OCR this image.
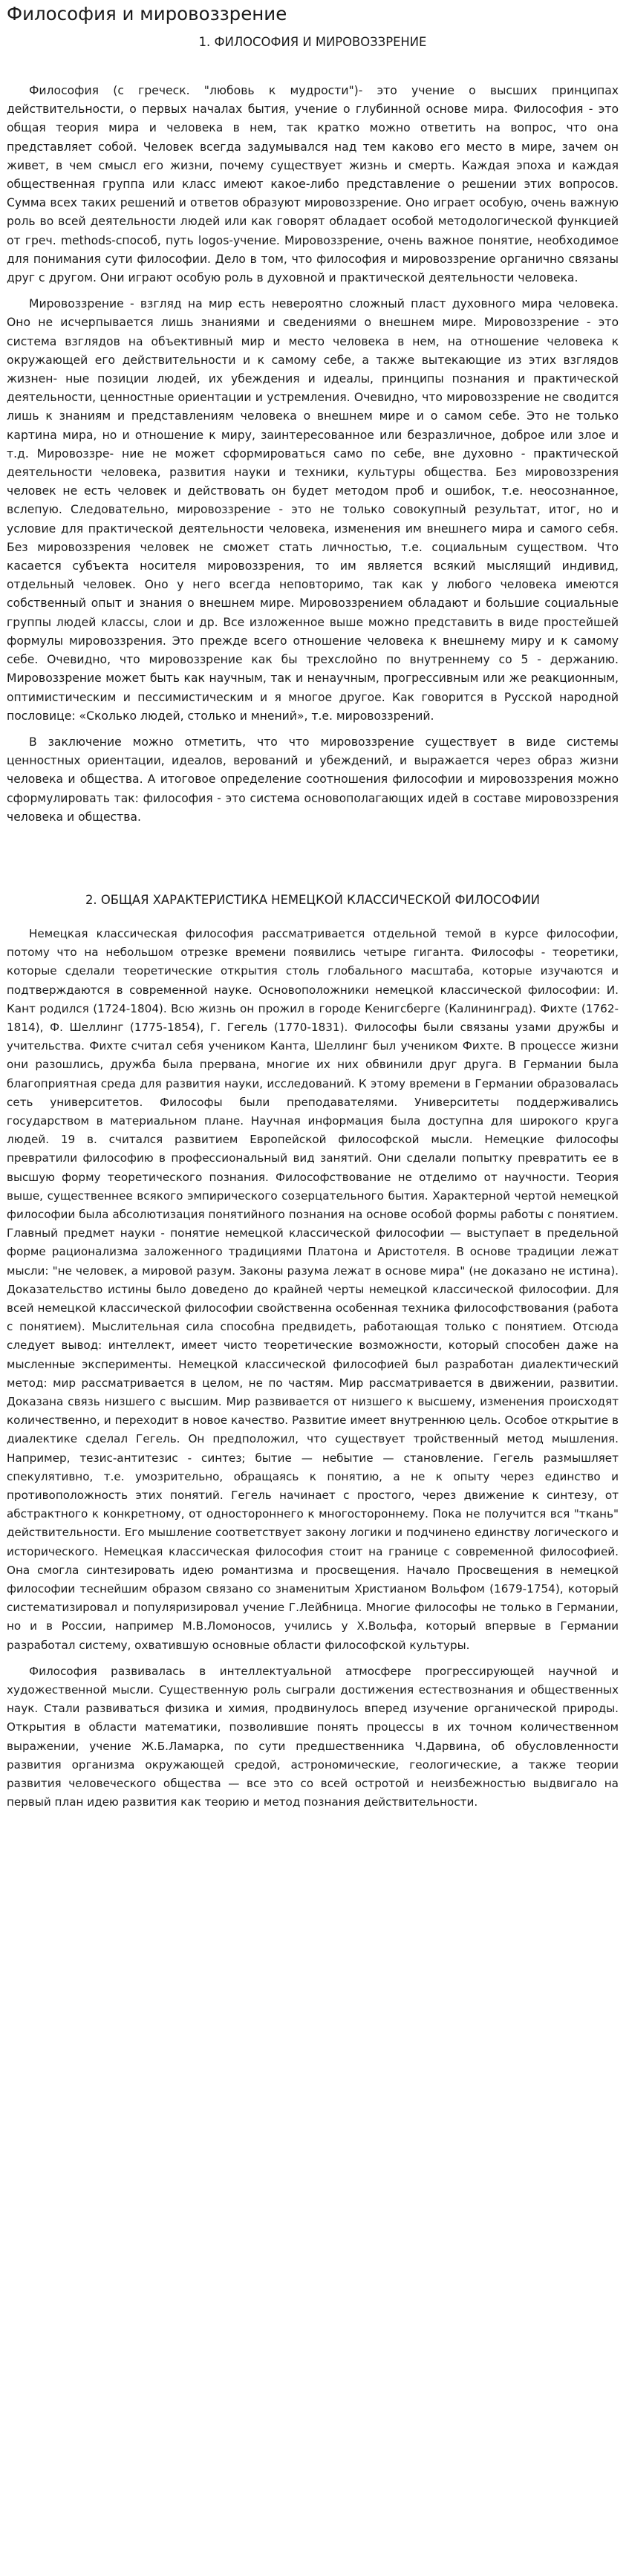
Философия и мировоззрение
1. ФИЛОСОФИЯ И МИРОВОЗЗРЕНИЕ

Философия (с греческ. "любовь к мудрости")- это учение о высших принципах действительности, о первых началах бытия, учение о глубинной основе мира. Философия - это общая теория мира и человека в нем, так кратко можно ответить на вопрос, что она представляет собой. Человек всегда задумывался над тем каково его место в мире, зачем он живет, в чем смысл его жизни, почему существует жизнь и смерть. Каждая эпоха и каждая общественная группа или класс имеют какое-либо представление о решении этих вопросов. Сумма всех таких решений и ответов образуют мировоззрение. Оно играет особую, очень важную роль во всей деятельности людей или как говорят обладает особой методологической функцией от греч. methods-способ, путь logos-учение. Мировоззрение, очень важное понятие, необходимое для понимания сути философии. Дело в том, что философия и мировоззрение органично связаны друг с другом. Они играют особую роль в духовной и практической деятельности человека.

Мировоззрение - взгляд на мир есть невероятно сложный пласт духовного мира человека. Оно не исчерпывается лишь знаниями и сведениями о внешнем мире. Мировоззрение - это система взглядов на объективный мир и место человека в нем, на отношение человека к окружающей его действительности и к самому себе, а также вытекающие из этих взглядов жизнен- ные позиции людей, их убеждения и идеалы, принципы познания и практической деятельности, ценностные ориентации и устремления. Очевидно, что мировоззрение не сводится лишь к знаниям и представлениям человека о внешнем мире и о самом себе. Это не только картина мира, но и отношение к миру, заинтересованное или безразличное, доброе или злое и т.д. Мировоззре- ние не может сформироваться само по себе, вне духовно - практической деятельности человека, развития науки и техники, культуры общества. Без мировоззрения человек не есть человек и действовать он будет методом проб и ошибок, т.е. неосознанное, вслепую. Следовательно, мировоззрение - это не только совокупный результат, итог, но и условие для практической деятельности человека, изменения им внешнего мира и самого себя. Без мировоззрения человек не сможет стать личностью, т.е. социальным существом. Что касается субъекта носителя мировоззрения, то им является всякий мыслящий индивид, отдельный человек. Оно у него всегда неповторимо, так как у любого человека имеются собственный опыт и знания о внешнем мире. Мировоззрением обладают и большие социальные группы людей классы, слои и др. Все изложенное выше можно представить в виде простейшей формулы мировоззрения. Это прежде всего отношение человека к внешнему миру и к самому себе. Очевидно, что мировоззрение как бы трехслойно по внутреннему со 5 - держанию. Мировоззрение может быть как научным, так и ненаучным, прогрессивным или же реакционным, оптимистическим и пессимистическим и я многое другое. Как говорится в Русской народной пословице: «Сколько людей, столько и мнений», т.е. мировоззрений.

В заключение можно отметить, что что мировоззрение существует в виде системы ценностных ориентации, идеалов, верований и убеждений, и выражается через образ жизни человека и общества. А итоговое определение соотношения философии и мировоззрения можно сформулировать так: философия - это система основополагающих идей в составе мировоззрения человека и общества.

2. ОБЩАЯ ХАРАКТЕРИСТИКА НЕМЕЦКОЙ КЛАССИЧЕСКОЙ ФИЛОСОФИИ

Немецкая классическая философия рассматривается отдельной темой в курсе философии, потому что на небольшом отрезке времени появились четыре гиганта. Философы - теоретики, которые сделали теоретические открытия столь глобального масштаба, которые изучаются и подтверждаются в современной науке. Основоположники немецкой классической философии: И. Кант родился (1724-1804). Всю жизнь он прожил в городе Кенигсберге (Калининград). Фихте (1762-1814), Ф. Шеллинг (1775-1854), Г. Гегель (1770-1831). Философы были связаны узами дружбы и учительства. Фихте считал себя учеником Канта, Шеллинг был учеником Фихте. В процессе жизни они разошлись, дружба была прервана, многие их них обвинили друг друга. В Германии была благоприятная среда для развития науки, исследований. К этому времени в Германии образовалась сеть университетов. Философы были преподавателями. Университеты поддерживались государством в материальном плане. Научная информация была доступна для широкого круга людей. 19 в. считался развитием Европейской философской мысли. Немецкие философы превратили философию в профессиональный вид занятий. Они сделали попытку превратить ее в высшую форму теоретического познания. Философствование не отделимо от научности. Теория выше, существеннее всякого эмпирического созерцательного бытия. Характерной чертой немецкой философии была абсолютизация понятийного познания на основе особой формы работы с понятием. Главный предмет науки - понятие немецкой классической философии — выступает в предельной форме рационализма заложенного традициями Платона и Аристотеля. В основе традиции лежат мысли: "не человек, а мировой разум. Законы разума лежат в основе мира" (не доказано не истина). Доказательство истины было доведено до крайней черты немецкой классической философии. Для всей немецкой классической философии свойственна особенная техника философствования (работа с понятием). Мыслительная сила способна предвидеть, работающая только с понятием. Отсюда следует вывод: интеллект, имеет чисто теоретические возможности, который способен даже на мысленные эксперименты. Немецкой классической философией был разработан диалектический метод: мир рассматривается в целом, не по частям. Мир рассматривается в движении, развитии. Доказана связь низшего с высшим. Мир развивается от низшего к высшему, изменения происходят количественно, и переходит в новое качество. Развитие имеет внутреннюю цель. Особое открытие в диалектике сделал Гегель. Он предположил, что существует тройственный метод мышления. Например, тезис-антитезис - синтез; бытие — небытие — становление. Гегель размышляет спекулятивно, т.е. умозрительно, обращаясь к понятию, а не к опыту через единство и противоположность этих понятий. Гегель начинает с простого, через движение к синтезу, от абстрактного к конкретному, от одностороннего к многостороннему. Пока не получится вся "ткань" действительности. Его мышление соответствует закону логики и подчинено единству логического и исторического. Немецкая классическая философия стоит на границе с современной философией. Она смогла синтезировать идею романтизма и просвещения. Начало Просвещения в немецкой философии теснейшим образом связано со знаменитым Христианом Вольфом (1679-1754), который систематизировал и популяризировал учение Г.Лейбница. Многие философы не только в Германии, но и в России, например М.В.Ломоносов, учились у Х.Вольфа, который впервые в Германии разработал систему, охватившую основные области философской культуры.

Философия развивалась в интеллектуальной атмосфере прогрессирующей научной и художественной мысли. Существенную роль сыграли достижения естествознания и общественных наук. Стали развиваться физика и химия, продвинулось вперед изучение органической природы. Открытия в области математики, позволившие понять процессы в их точном количественном выражении, учение Ж.Б.Ламарка, по сути предшественника Ч.Дарвина, об обусловленности развития организма окружающей средой, астрономические, геологические, а также теории развития человеческого общества — все это со всей остротой и неизбежностью выдвигало на первый план идею развития как теорию и метод познания действительности.
